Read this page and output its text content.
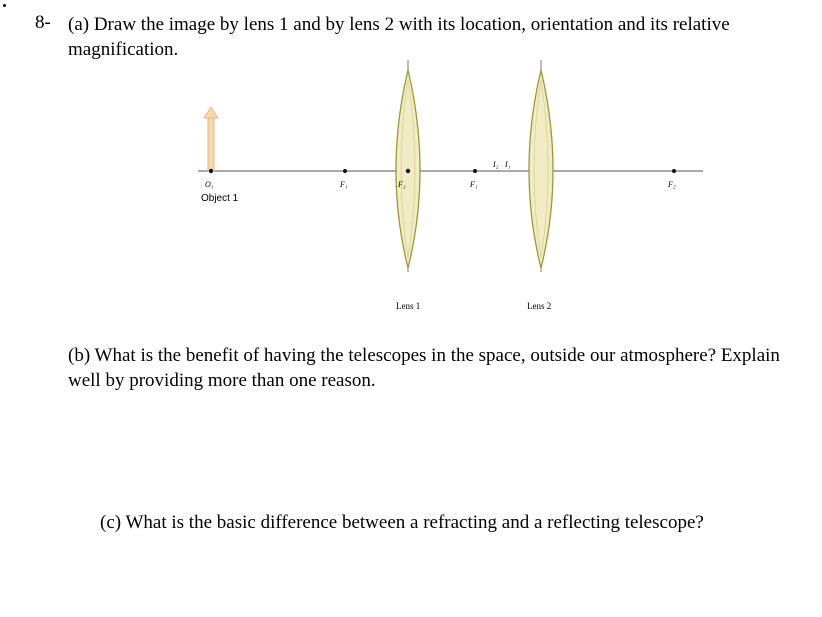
8- (a) Draw the image by lens 1 and by lens 2 with its location, orientation and its relative magnification.
O₁
Object 1
F₁	F₂	F₁
I₂ I₁
F₂
Lens 1	Lens 2
(b) What is the benefit of having the telescopes in the space, outside our atmosphere? Explain well by providing more than one reason.
(c) What is the basic difference between a refracting and a reflecting telescope?
